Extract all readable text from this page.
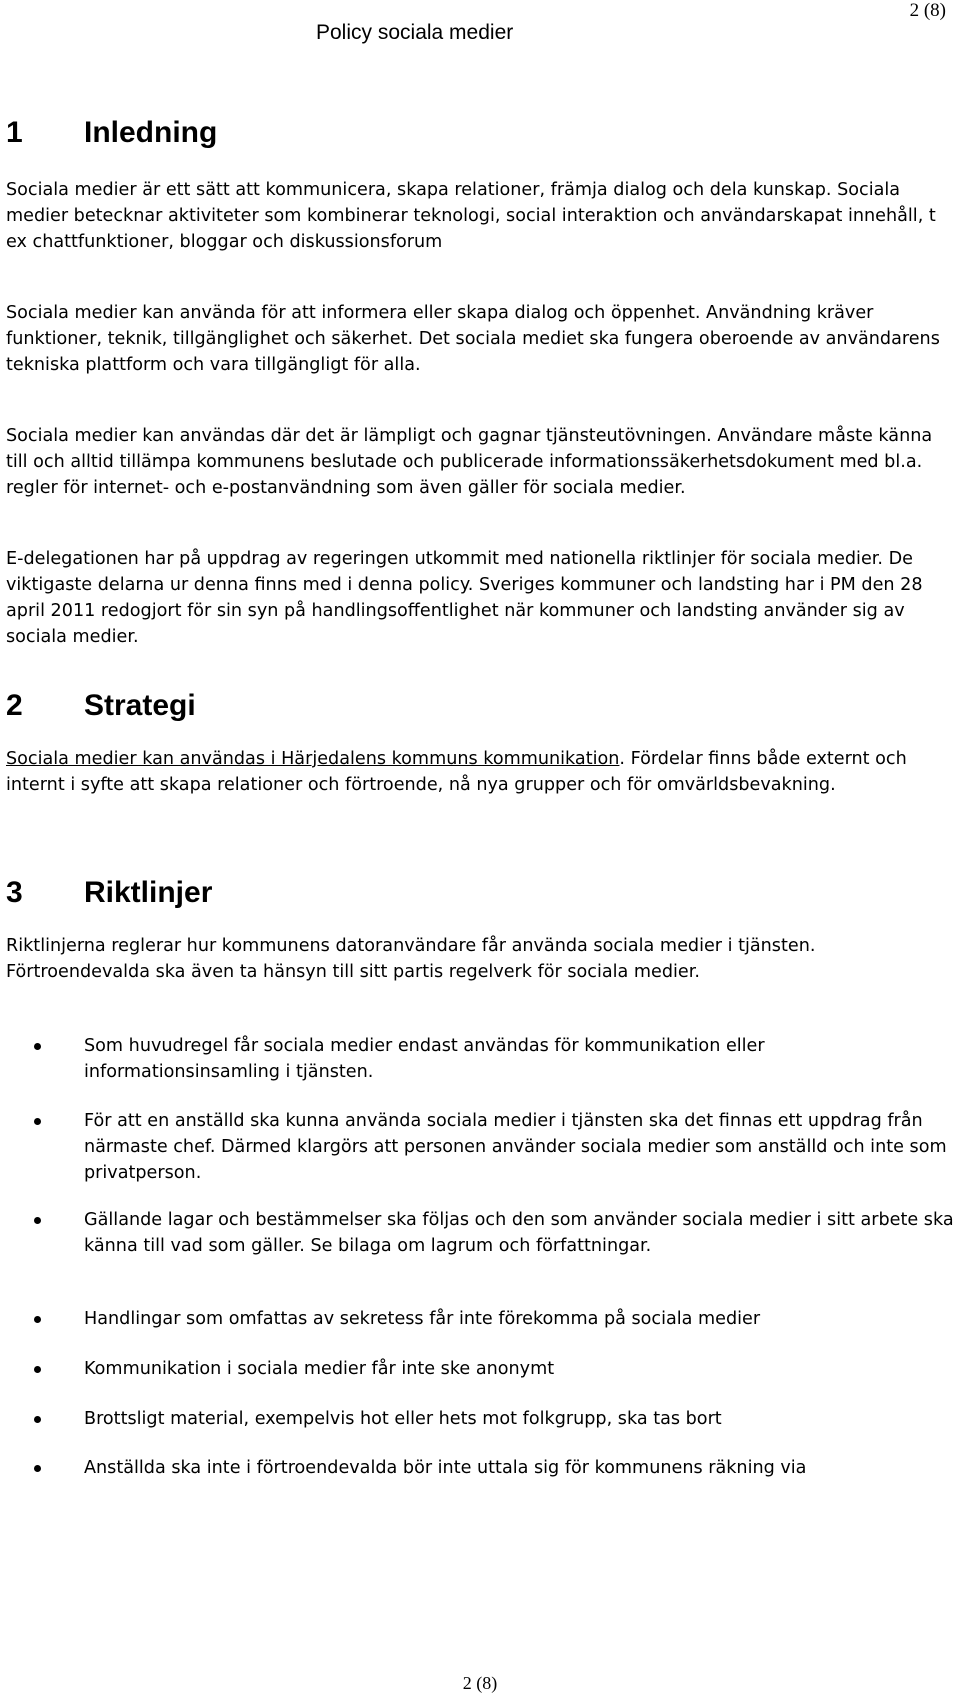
Policy sociala medier
2 (8)
1 Inledning

Sociala medier är ett sätt att kommunicera, skapa relationer, främja dialog och dela kunskap. Sociala medier betecknar aktiviteter som kombinerar teknologi, social interaktion och användarskapat innehåll, t ex chattfunktioner, bloggar och diskussionsforum

Sociala medier kan använda för att informera eller skapa dialog och öppenhet. Användning kräver funktioner, teknik, tillgänglighet och säkerhet. Det sociala mediet ska fungera oberoende av användarens tekniska plattform och vara tillgängligt för alla.

Sociala medier kan användas där det är lämpligt och gagnar tjänsteutövningen. Användare måste känna till och alltid tillämpa kommunens beslutade och publicerade informationssäkerhetsdokument med bl.a. regler för internet- och e-postanvändning som även gäller för sociala medier.

E-delegationen har på uppdrag av regeringen utkommit med nationella riktlinjer för sociala medier. De viktigaste delarna ur denna finns med i denna policy. Sveriges kommuner och landsting har i PM den 28 april 2011 redogjort för sin syn på handlingsoffentlighet när kommuner och landsting använder sig av sociala medier.

2 Strategi

Sociala medier kan användas i Härjedalens kommuns kommunikation. Fördelar finns både externt och internt i syfte att skapa relationer och förtroende, nå nya grupper och för omvärldsbevakning.

3 Riktlinjer

Riktlinjerna reglerar hur kommunens datoranvändare får använda sociala medier i tjänsten. Förtroendevalda ska även ta hänsyn till sitt partis regelverk för sociala medier.

Som huvudregel får sociala medier endast användas för kommunikation eller informationsinsamling i tjänsten.
För att en anställd ska kunna använda sociala medier i tjänsten ska det finnas ett uppdrag från närmaste chef. Därmed klargörs att personen använder sociala medier som anställd och inte som privatperson.
Gällande lagar och bestämmelser ska följas och den som använder sociala medier i sitt arbete ska känna till vad som gäller. Se bilaga om lagrum och författningar.
Handlingar som omfattas av sekretess får inte förekomma på sociala medier
Kommunikation i sociala medier får inte ske anonymt
Brottsligt material, exempelvis hot eller hets mot folkgrupp, ska tas bort
Anställda ska inte i förtroendevalda bör inte uttala sig för kommunens räkning via
2 (8)
